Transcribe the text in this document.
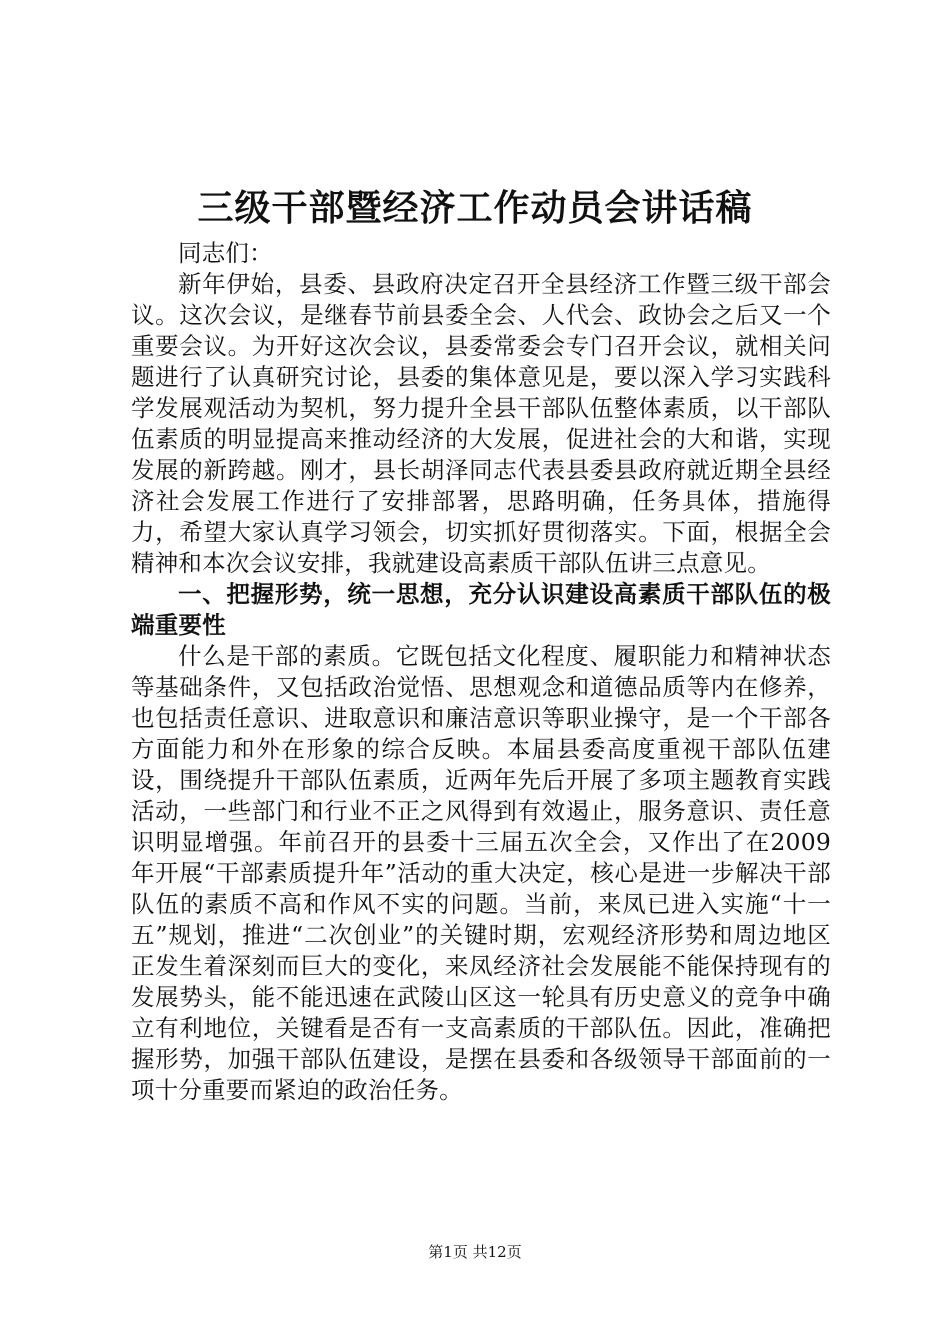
三级干部暨经济工作动员会讲话稿

同志们：

新年伊始，县委、县政府决定召开全县经济工作暨三级干部会议。这次会议，是继春节前县委全会、人代会、政协会之后又一个重要会议。为开好这次会议，县委常委会专门召开会议，就相关问题进行了认真研究讨论，县委的集体意见是，要以深入学习实践科学发展观活动为契机，努力提升全县干部队伍整体素质，以干部队伍素质的明显提高来推动经济的大发展，促进社会的大和谐，实现发展的新跨越。刚才，县长胡泽同志代表县委县政府就近期全县经济社会发展工作进行了安排部署，思路明确，任务具体，措施得力，希望大家认真学习领会，切实抓好贯彻落实。下面，根据全会精神和本次会议安排，我就建设高素质干部队伍讲三点意见。

一、把握形势，统一思想，充分认识建设高素质干部队伍的极端重要性

什么是干部的素质。它既包括文化程度、履职能力和精神状态等基础条件，又包括政治觉悟、思想观念和道德品质等内在修养，也包括责任意识、进取意识和廉洁意识等职业操守，是一个干部各方面能力和外在形象的综合反映。本届县委高度重视干部队伍建设，围绕提升干部队伍素质，近两年先后开展了多项主题教育实践活动，一些部门和行业不正之风得到有效遏止，服务意识、责任意识明显增强。年前召开的县委十三届五次全会，又作出了在2009年开展“干部素质提升年”活动的重大决定，核心是进一步解决干部队伍的素质不高和作风不实的问题。当前，来凤已进入实施“十一五”规划，推进“二次创业”的关键时期，宏观经济形势和周边地区正发生着深刻而巨大的变化，来凤经济社会发展能不能保持现有的发展势头，能不能迅速在武陵山区这一轮具有历史意义的竞争中确立有利地位，关键看是否有一支高素质的干部队伍。因此，准确把握形势，加强干部队伍建设，是摆在县委和各级领导干部面前的一项十分重要而紧迫的政治任务。

第1页 共12页
